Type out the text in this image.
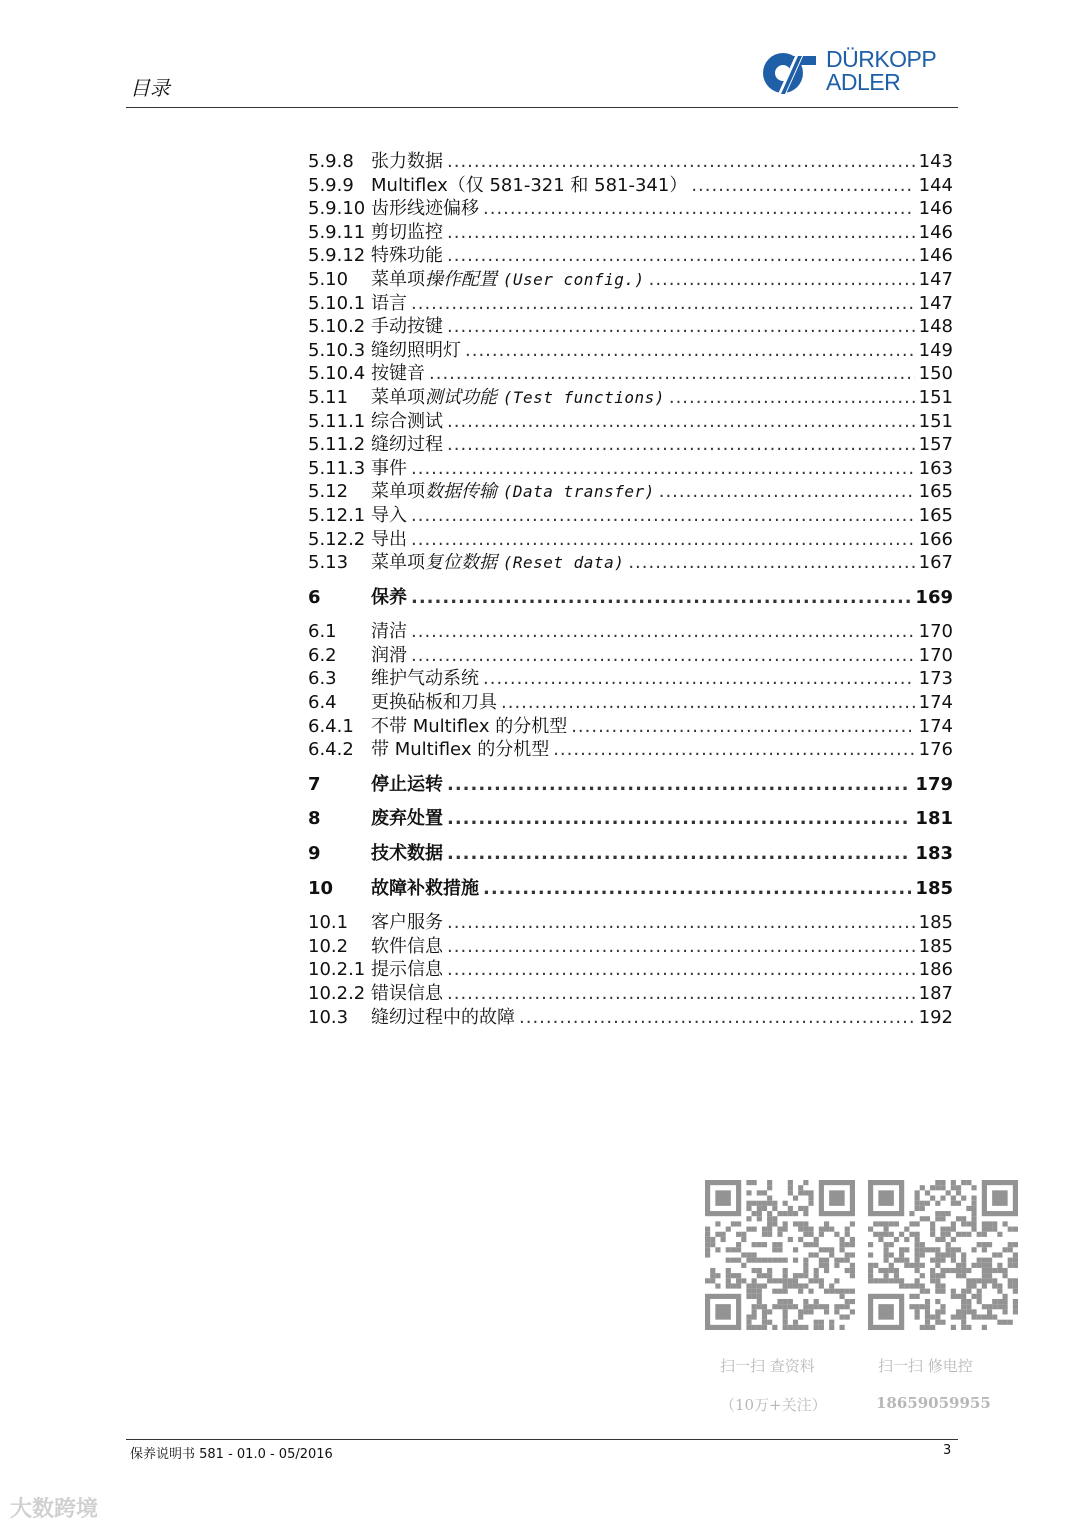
目录
DÜRKOPP
ADLER
5.9.8 张力数据 .....	143
5.9.9 Multiflex（仅 581-321 和 581-341） .....	144
5.9.10 齿形线迹偏移 .....	146
5.9.11 剪切监控 .....	146
5.9.12 特殊功能 .....	146
5.10	菜单项操作配置 (User config.) .....	147
5.10.1 语言 .....	147
5.10.2 手动按键 .....	148
5.10.3 缝纫照明灯 .....	149
5.10.4 按键音 .....	150
5.11	菜单项测试功能 (Test functions) .....	151
5.11.1 综合测试 .....	151
5.11.2 缝纫过程 .....	157
5.11.3 事件 .....	163
5.12	菜单项数据传输 (Data transfer) .....	165
5.12.1 导入 .....	165
5.12.2 导出 .....	166
5.13	菜单项复位数据 (Reset data) .....	167
6	保养 .....	169
6.1	清洁 .....	170
6.2	润滑 .....	170
6.3	维护气动系统 .....	173
6.4	更换砧板和刀具 .....	174
6.4.1 不带 Multiflex 的分机型 .....	174
6.4.2 带 Multiflex 的分机型 .....	176
7	停止运转 .....	179
8	废弃处置 .....	181
9	技术数据 .....	183
10	故障补救措施 .....	185
10.1	客户服务 .....	185
10.2	软件信息 .....	185
10.2.1 提示信息 .....	186
10.2.2 错误信息 .....	187
10.3	缝纫过程中的故障 .....	192
扫一扫 查资料
（10万+关注）
扫一扫 修电控
18659059955
保养说明书 581 - 01.0 - 05/2016	3
大数跨境
